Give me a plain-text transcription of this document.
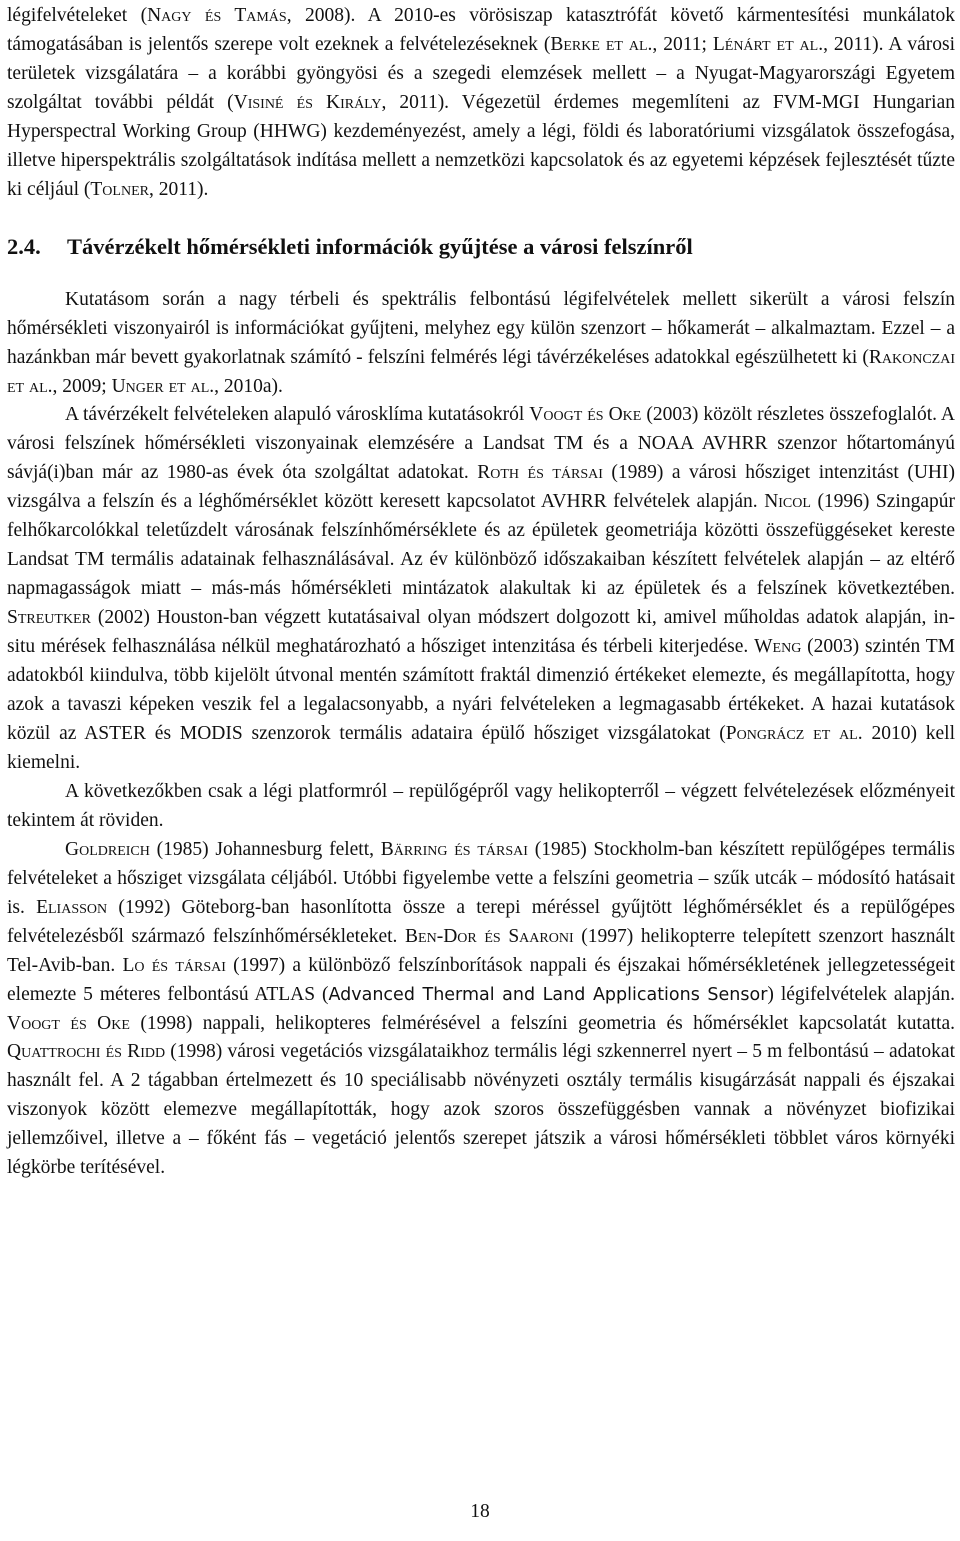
légifelvételeket (Nagy és Tamás, 2008). A 2010-es vörösiszap katasztrófát követő kármentesítési munkálatok támogatásában is jelentős szerepe volt ezeknek a felvételezéseknek (Berke et al., 2011; Lénárt et al., 2011). A városi területek vizsgálatára – a korábbi gyöngyösi és a szegedi elemzések mellett – a Nyugat-Magyarországi Egyetem szolgáltat további példát (Visiné és Király, 2011). Végezetül érdemes megemlíteni az FVM-MGI Hungarian Hyperspectral Working Group (HHWG) kezdeményezést, amely a légi, földi és laboratóriumi vizsgálatok összefogása, illetve hiperspektrális szolgáltatások indítása mellett a nemzetközi kapcsolatok és az egyetemi képzések fejlesztését tűzte ki céljául (Tolner, 2011).

2.4. Távérzékelt hőmérsékleti információk gyűjtése a városi felszínről

Kutatásom során a nagy térbeli és spektrális felbontású légifelvételek mellett sikerült a városi felszín hőmérsékleti viszonyairól is információkat gyűjteni, melyhez egy külön szenzort – hőkamerát – alkalmaztam. Ezzel – a hazánkban már bevett gyakorlatnak számító - felszíni felmérés légi távérzékeléses adatokkal egészülhetett ki (Rakonczai et al., 2009; Unger et al., 2010a).

A távérzékelt felvételeken alapuló városklíma kutatásokról Voogt és Oke (2003) közölt részletes összefoglalót. A városi felszínek hőmérsékleti viszonyainak elemzésére a Landsat TM és a NOAA AVHRR szenzor hőtartományú sávjá(i)ban már az 1980-as évek óta szolgáltat adatokat. Roth és társai (1989) a városi hősziget intenzitást (UHI) vizsgálva a felszín és a léghőmérséklet között keresett kapcsolatot AVHRR felvételek alapján. Nicol (1996) Szingapúr felhőkarcolókkal teletűzdelt városának felszínhőmérséklete és az épületek geometriája közötti összefüggéseket kereste Landsat TM termális adatainak felhasználásával. Az év különböző időszakaiban készített felvételek alapján – az eltérő napmagasságok miatt – más-más hőmérsékleti mintázatok alakultak ki az épületek és a felszínek következtében. Streutker (2002) Houston-ban végzett kutatásaival olyan módszert dolgozott ki, amivel műholdas adatok alapján, in-situ mérések felhasználása nélkül meghatározható a hősziget intenzitása és térbeli kiterjedése. Weng (2003) szintén TM adatokból kiindulva, több kijelölt útvonal mentén számított fraktál dimenzió értékeket elemezte, és megállapította, hogy azok a tavaszi képeken veszik fel a legalacsonyabb, a nyári felvételeken a legmagasabb értékeket. A hazai kutatások közül az ASTER és MODIS szenzorok termális adataira épülő hősziget vizsgálatokat (Pongrácz et al. 2010) kell kiemelni.

A következőkben csak a légi platformról – repülőgépről vagy helikopterről – végzett felvételezések előzményeit tekintem át röviden.

Goldreich (1985) Johannesburg felett, Bärring és társai (1985) Stockholm-ban készített repülőgépes termális felvételeket a hősziget vizsgálata céljából. Utóbbi figyelembe vette a felszíni geometria – szűk utcák – módosító hatásait is. Eliasson (1992) Göteborg-ban hasonlította össze a terepi méréssel gyűjtött léghőmérséklet és a repülőgépes felvételezésből származó felszínhőmérsékleteket. Ben-Dor és Saaroni (1997) helikopterre telepített szenzort használt Tel-Avib-ban. Lo és társai (1997) a különböző felszínborítások nappali és éjszakai hőmérsékletének jellegzetességeit elemezte 5 méteres felbontású ATLAS (Advanced Thermal and Land Applications Sensor) légifelvételek alapján. Voogt és Oke (1998) nappali, helikopteres felmérésével a felszíni geometria és hőmérséklet kapcsolatát kutatta. Quattrochi és Ridd (1998) városi vegetációs vizsgálataikhoz termális légi szkennerrel nyert – 5 m felbontású – adatokat használt fel. A 2 tágabban értelmezett és 10 speciálisabb növényzeti osztály termális kisugárzását nappali és éjszakai viszonyok között elemezve megállapították, hogy azok szoros összefüggésben vannak a növényzet biofizikai jellemzőivel, illetve a – főként fás – vegetáció jelentős szerepet játszik a városi hőmérsékleti többlet város környéki légkörbe terítésével.

18
